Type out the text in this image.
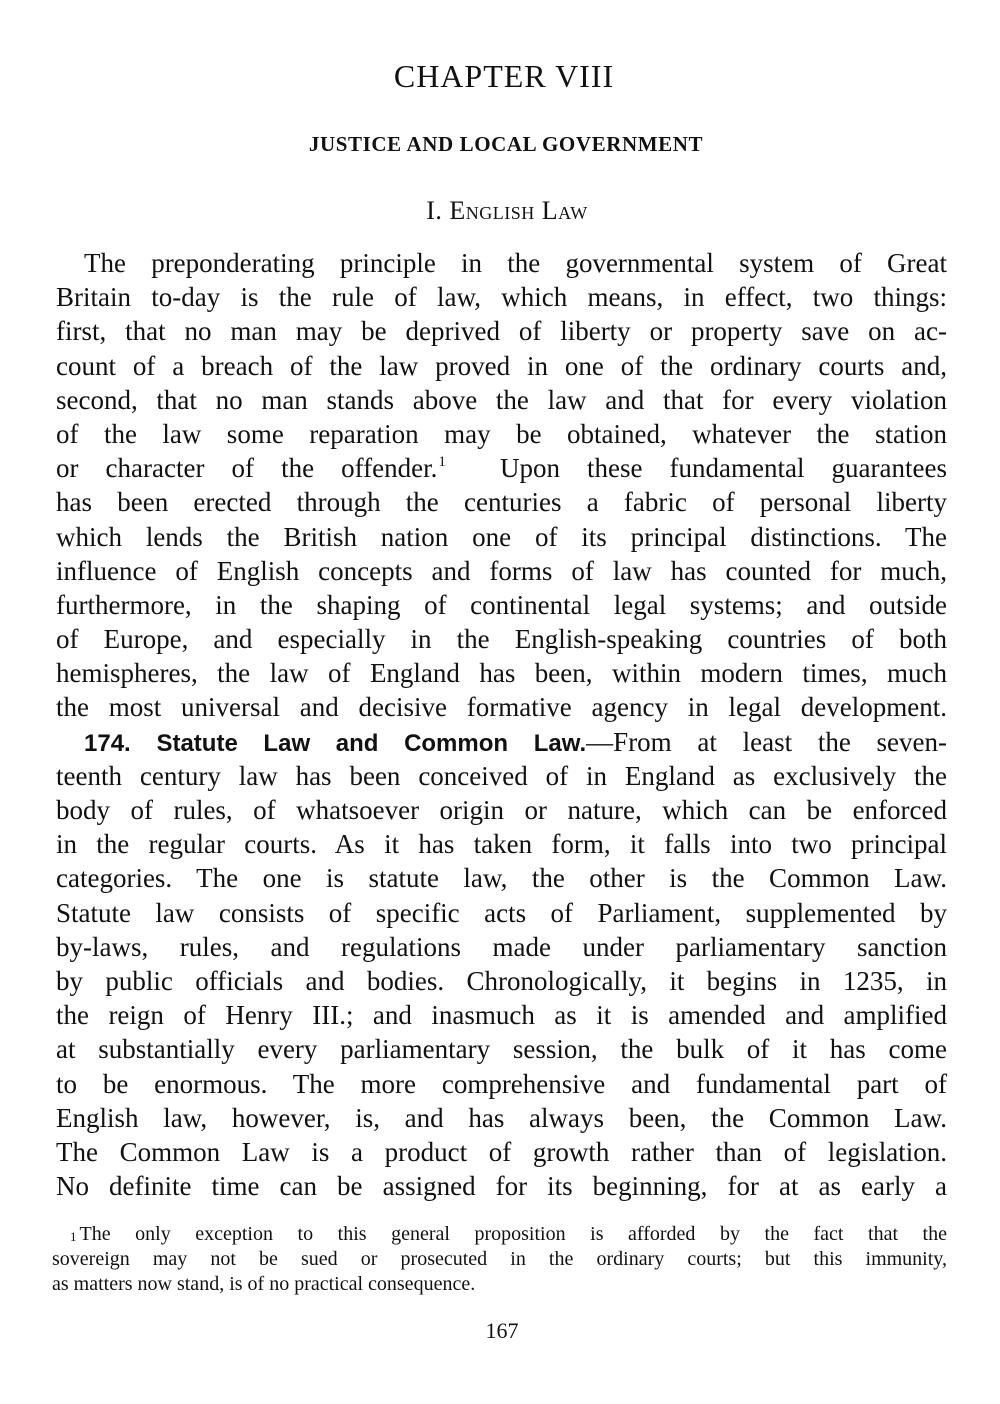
CHAPTER VIII
JUSTICE AND LOCAL GOVERNMENT
I. English Law
The preponderating principle in the governmental system of Great
Britain to-day is the rule of law, which means, in effect, two things:
first, that no man may be deprived of liberty or property save on ac-
count of a breach of the law proved in one of the ordinary courts and,
second, that no man stands above the law and that for every violation
of the law some reparation may be obtained, whatever the station
or character of the offender.$^1$ Upon these fundamental guarantees
has been erected through the centuries a fabric of personal liberty
which lends the British nation one of its principal distinctions. The
influence of English concepts and forms of law has counted for much,
furthermore, in the shaping of continental legal systems; and outside
of Europe, and especially in the English-speaking countries of both
hemispheres, the law of England has been, within modern times, much
the most universal and decisive formative agency in legal development.
174. Statute Law and Common Law.—From at least the seven-
teenth century law has been conceived of in England as exclusively the
body of rules, of whatsoever origin or nature, which can be enforced
in the regular courts. As it has taken form, it falls into two principal
categories. The one is statute law, the other is the Common Law.
Statute law consists of specific acts of Parliament, supplemented by
by-laws, rules, and regulations made under parliamentary sanction
by public officials and bodies. Chronologically, it begins in 1235, in
the reign of Henry III.; and inasmuch as it is amended and amplified
at substantially every parliamentary session, the bulk of it has come
to be enormous. The more comprehensive and fundamental part of
English law, however, is, and has always been, the Common Law.
The Common Law is a product of growth rather than of legislation.
No definite time can be assigned for its beginning, for at as early a
$^1$ The only exception to this general proposition is afforded by the fact that the
sovereign may not be sued or prosecuted in the ordinary courts; but this immunity,
as matters now stand, is of no practical consequence.
167
